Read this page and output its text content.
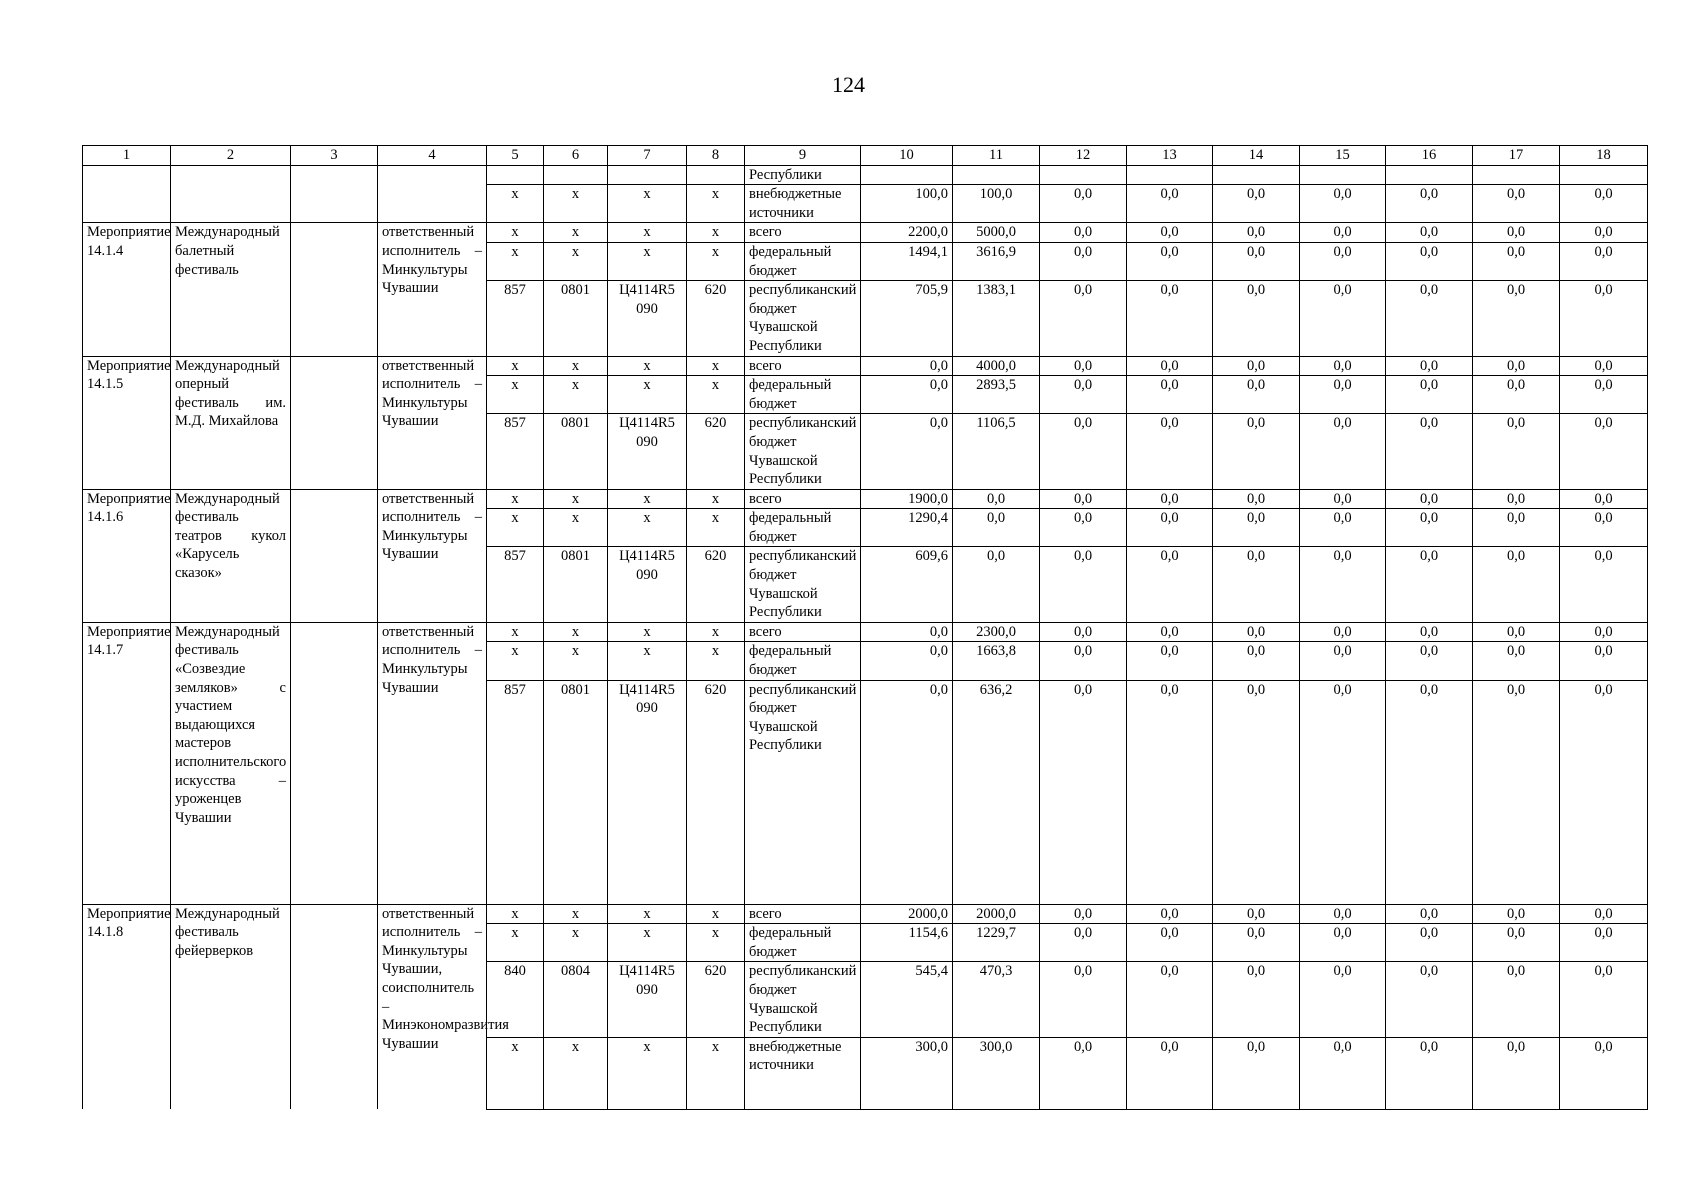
124
1	2	3	4	5	6	7	8	9	10	11	12	13	14	15	16	17	18
								Республики									
				x	x	x	x	внебюджетные источники	100,0	100,0	0,0	0,0	0,0	0,0	0,0	0,0	0,0
Мероприятие 14.1.4	Международный балетный фестиваль		ответственный исполнитель – Минкультуры Чувашии	x	x	x	x	всего	2200,0	5000,0	0,0	0,0	0,0	0,0	0,0	0,0	0,0
				x	x	x	x	федеральный бюджет	1494,1	3616,9	0,0	0,0	0,0	0,0	0,0	0,0	0,0
				857	0801	Ц4114R5 090	620	республиканский бюджет Чувашской Республики	705,9	1383,1	0,0	0,0	0,0	0,0	0,0	0,0	0,0
Мероприятие 14.1.5	Международный оперный фестиваль им. М.Д. Михайлова		ответственный исполнитель – Минкультуры Чувашии	x	x	x	x	всего	0,0	4000,0	0,0	0,0	0,0	0,0	0,0	0,0	0,0
				x	x	x	x	федеральный бюджет	0,0	2893,5	0,0	0,0	0,0	0,0	0,0	0,0	0,0
				857	0801	Ц4114R5 090	620	республиканский бюджет Чувашской Республики	0,0	1106,5	0,0	0,0	0,0	0,0	0,0	0,0	0,0
Мероприятие 14.1.6	Международный фестиваль театров кукол «Карусель сказок»		ответственный исполнитель – Минкультуры Чувашии	x	x	x	x	всего	1900,0	0,0	0,0	0,0	0,0	0,0	0,0	0,0	0,0
				x	x	x	x	федеральный бюджет	1290,4	0,0	0,0	0,0	0,0	0,0	0,0	0,0	0,0
				857	0801	Ц4114R5 090	620	республиканский бюджет Чувашской Республики	609,6	0,0	0,0	0,0	0,0	0,0	0,0	0,0	0,0
Мероприятие 14.1.7	Международный фестиваль «Созвездие земляков» с участием выдающихся мастеров исполнительского искусства – уроженцев Чувашии		ответственный исполнитель – Минкультуры Чувашии	x	x	x	x	всего	0,0	2300,0	0,0	0,0	0,0	0,0	0,0	0,0	0,0
				x	x	x	x	федеральный бюджет	0,0	1663,8	0,0	0,0	0,0	0,0	0,0	0,0	0,0
				857	0801	Ц4114R5 090	620	республиканский бюджет Чувашской Республики	0,0	636,2	0,0	0,0	0,0	0,0	0,0	0,0	0,0
Мероприятие 14.1.8	Международный фестиваль фейерверков		ответственный исполнитель – Минкультуры Чувашии, соисполнитель – Минэкономразвития Чувашии	x	x	x	x	всего	2000,0	2000,0	0,0	0,0	0,0	0,0	0,0	0,0	0,0
				x	x	x	x	федеральный бюджет	1154,6	1229,7	0,0	0,0	0,0	0,0	0,0	0,0	0,0
				840	0804	Ц4114R5 090	620	республиканский бюджет Чувашской Республики	545,4	470,3	0,0	0,0	0,0	0,0	0,0	0,0	0,0
				x	x	x	x	внебюджетные источники	300,0	300,0	0,0	0,0	0,0	0,0	0,0	0,0	0,0
